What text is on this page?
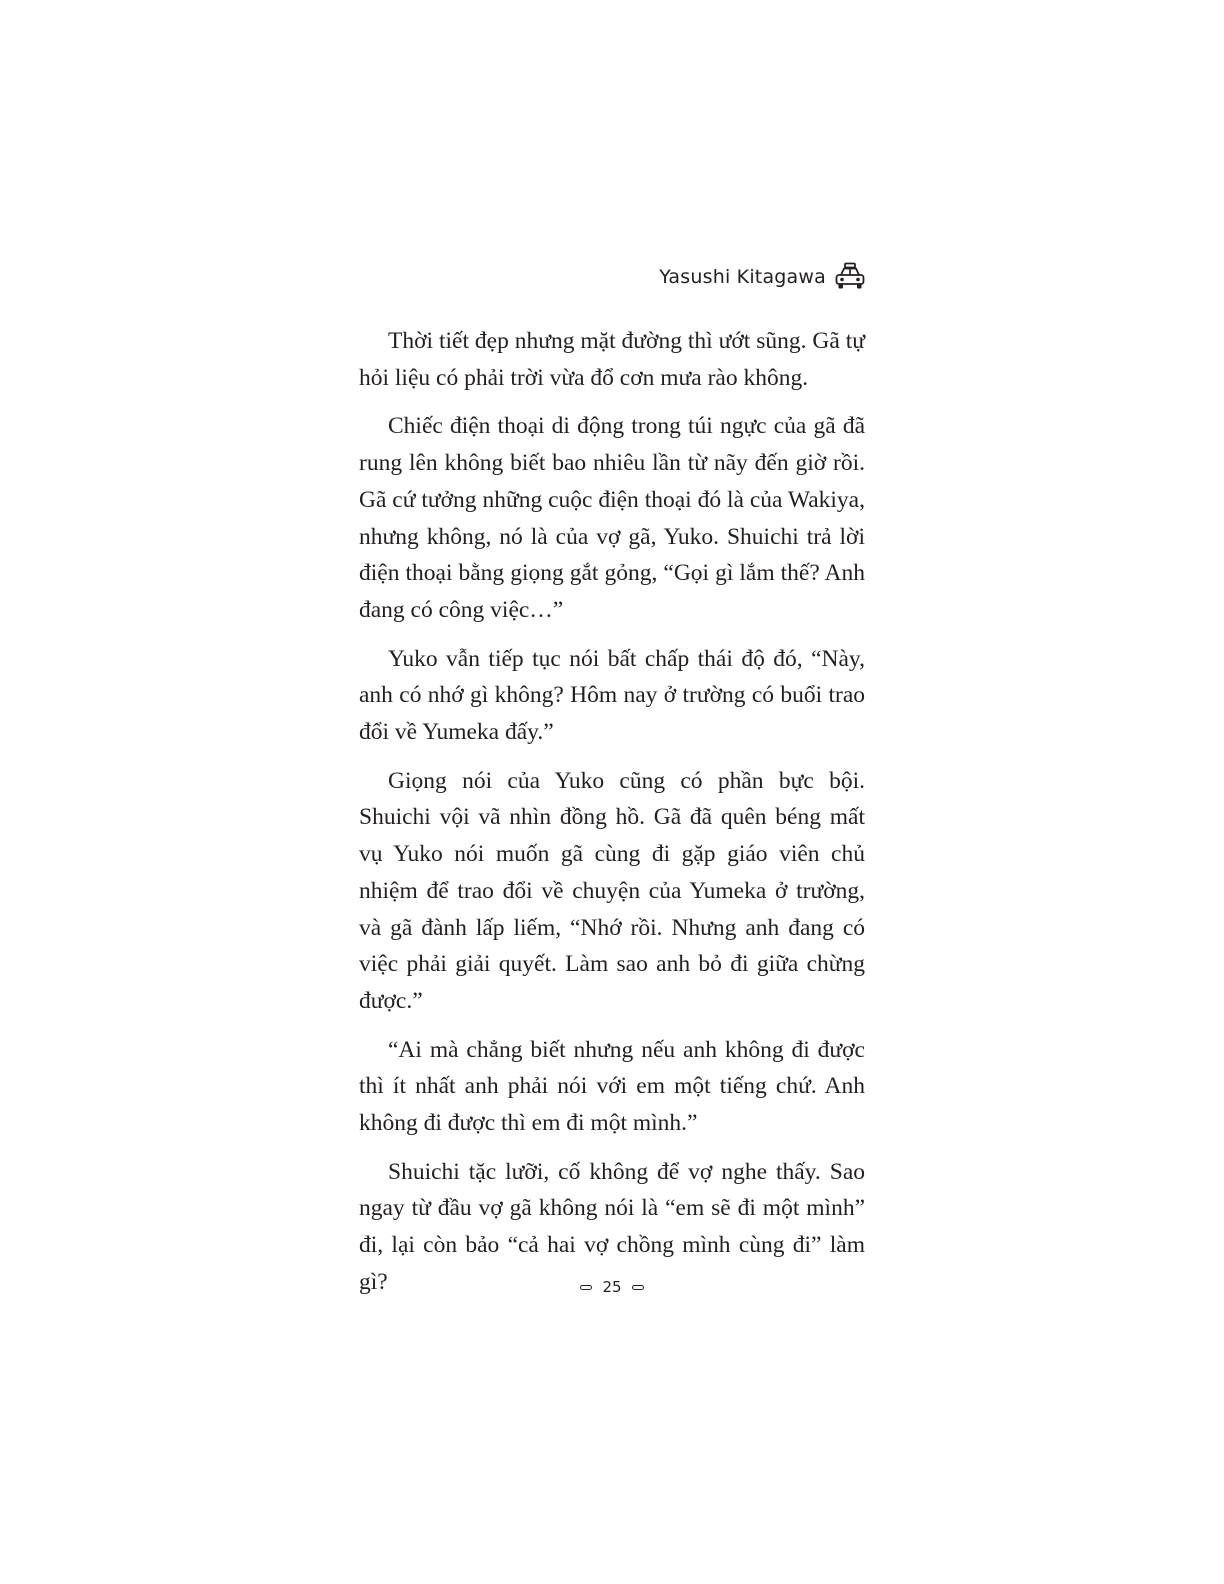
Yasushi Kitagawa

Thời tiết đẹp nhưng mặt đường thì ướt sũng. Gã tự hỏi liệu có phải trời vừa đổ cơn mưa rào không.

Chiếc điện thoại di động trong túi ngực của gã đã rung lên không biết bao nhiêu lần từ nãy đến giờ rồi. Gã cứ tưởng những cuộc điện thoại đó là của Wakiya, nhưng không, nó là của vợ gã, Yuko. Shuichi trả lời điện thoại bằng giọng gắt gỏng, “Gọi gì lắm thế? Anh đang có công việc…”

Yuko vẫn tiếp tục nói bất chấp thái độ đó, “Này, anh có nhớ gì không? Hôm nay ở trường có buổi trao đổi về Yumeka đấy.”

Giọng nói của Yuko cũng có phần bực bội. Shuichi vội vã nhìn đồng hồ. Gã đã quên béng mất vụ Yuko nói muốn gã cùng đi gặp giáo viên chủ nhiệm để trao đổi về chuyện của Yumeka ở trường, và gã đành lấp liếm, “Nhớ rồi. Nhưng anh đang có việc phải giải quyết. Làm sao anh bỏ đi giữa chừng được.”

“Ai mà chẳng biết nhưng nếu anh không đi được thì ít nhất anh phải nói với em một tiếng chứ. Anh không đi được thì em đi một mình.”

Shuichi tặc lưỡi, cố không để vợ nghe thấy. Sao ngay từ đầu vợ gã không nói là “em sẽ đi một mình” đi, lại còn bảo “cả hai vợ chồng mình cùng đi” làm gì?	25
